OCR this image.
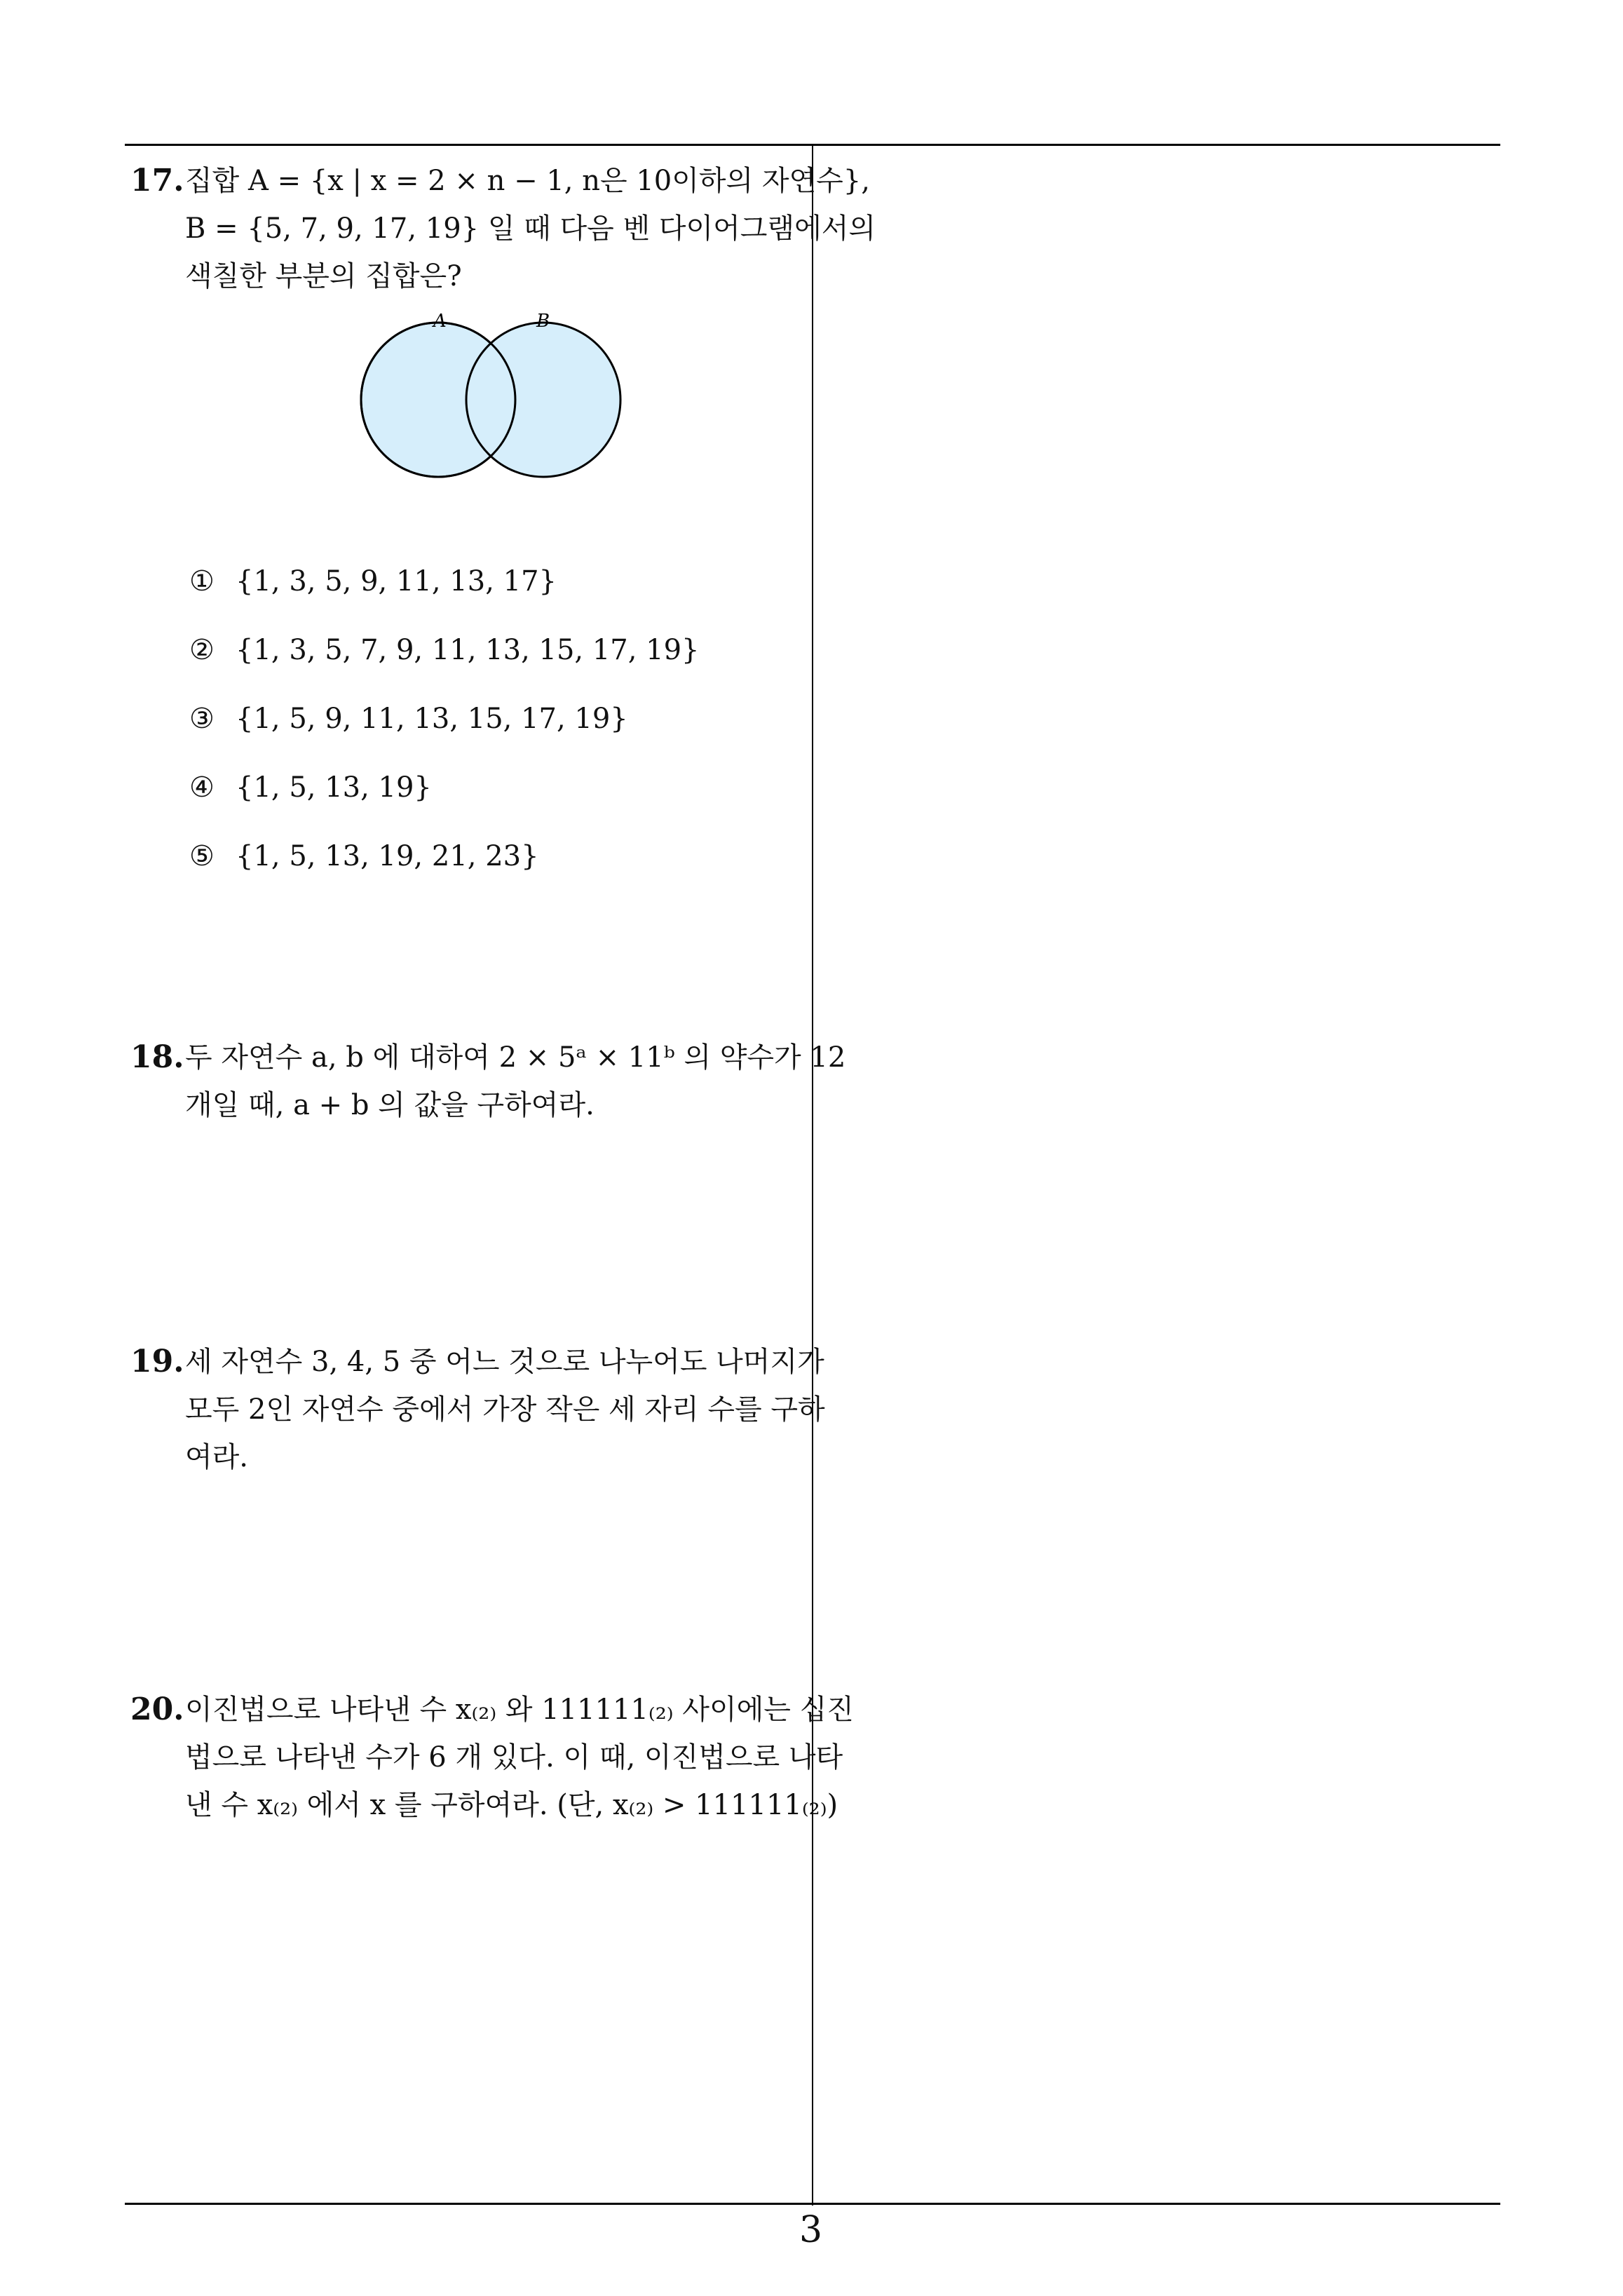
17. 집합 A = {x | x = 2 × n − 1, n은 10이하의 자연수},
B = {5, 7, 9, 17, 19} 일 때 다음 벤 다이어그램에서의
색칠한 부분의 집합은?
A	B
① {1, 3, 5, 9, 11, 13, 17}
② {1, 3, 5, 7, 9, 11, 13, 15, 17, 19}
③ {1, 5, 9, 11, 13, 15, 17, 19}
④ {1, 5, 13, 19}
⑤ {1, 5, 13, 19, 21, 23}
18. 두 자연수 a, b 에 대하여 2 × 5ᵃ × 11ᵇ 의 약수가 12
개일 때, a + b 의 값을 구하여라.
19. 세 자연수 3, 4, 5 중 어느 것으로 나누어도 나머지가
모두 2인 자연수 중에서 가장 작은 세 자리 수를 구하
여라.
20. 이진법으로 나타낸 수 x₍₂₎ 와 111111₍₂₎ 사이에는 십진
법으로 나타낸 수가 6 개 있다. 이 때, 이진법으로 나타
낸 수 x₍₂₎ 에서 x 를 구하여라. (단, x₍₂₎ > 111111₍₂₎)
3
